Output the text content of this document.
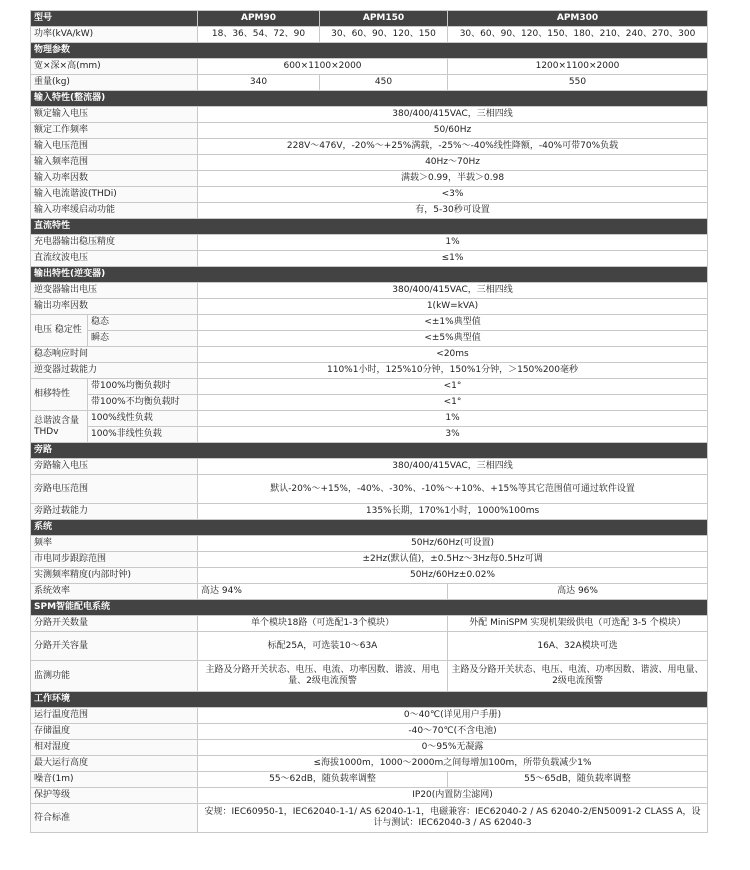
型号		APM90	APM150	APM300
功率(kVA/kW)		18、36、54、72、90	30、60、90、120、150	30、60、90、120、150、180、210、240、270、300
物理参数				
宽×深×高(mm)		600×1100×2000		1200×1100×2000
重量(kg)		340	450	550
输入特性(整流器)				
额定输入电压		380/400/415VAC，三相四线		
额定工作频率		50/60Hz		
输入电压范围		228V～476V，-20%～+25%满载，-25%～-40%线性降额，-40%可带70%负载		
输入频率范围		40Hz～70Hz		
输入功率因数		满载＞0.99，半载＞0.98		
输入电流谐波(THDi)		<3%		
输入功率缓启动功能		有，5-30秒可设置		
直流特性				
充电器输出稳压精度		1%		
直流纹波电压		≤1%		
输出特性(逆变器)				
逆变器输出电压		380/400/415VAC，三相四线		
输出功率因数		1(kW=kVA)		
电压 稳定性	稳态	<±1%典型值		
	瞬态	<±5%典型值		
稳态响应时间		<20ms		
逆变器过载能力		110%1小时，125%10分钟，150%1分钟，＞150%200毫秒		
相移特性	带100%均衡负载时	<1°		
	带100%不均衡负载时	<1°		
总谐波含量THDv	100%线性负载	1%		
	100%非线性负载	3%		
旁路				
旁路输入电压		380/400/415VAC，三相四线		
旁路电压范围		默认-20%～+15%，-40%、-30%、-10%～+10%、+15%等其它范围值可通过软件设置		
旁路过载能力		135%长期，170%1小时，1000%100ms		
系统				
频率		50Hz/60Hz(可设置)		
市电同步跟踪范围		±2Hz(默认值)，±0.5Hz～3Hz每0.5Hz可调		
实测频率精度(内部时钟)		50Hz/60Hz±0.02%		
系统效率		高达 94%		高达 96%
SPM智能配电系统				
分路开关数量		单个模块18路（可选配1-3个模块）		外配 MiniSPM 实现机架级供电（可选配 3-5 个模块）
分路开关容量		标配25A，可选装10～63A		16A、32A模块可选
监测功能		主路及分路开关状态、电压、电流、功率因数、谐波、用电量、2级电流预警		主路及分路开关状态、电压、电流、功率因数、谐波、用电量、2级电流预警
工作环境				
运行温度范围		0～40℃(详见用户手册)		
存储温度		-40～70℃(不含电池)		
相对湿度		0～95%无凝露		
最大运行高度		≤海拔1000m，1000～2000m之间每增加100m，所带负载减少1%		
噪音(1m)		55～62dB，随负载率调整		55～65dB，随负载率调整
保护等级		IP20(内置防尘滤网)		
符合标准		安规：IEC60950-1，IEC62040-1-1/ AS 62040-1-1，电磁兼容：IEC62040-2 / AS 62040-2/EN50091-2 CLASS A，设计与测试：IEC62040-3 / AS 62040-3		
